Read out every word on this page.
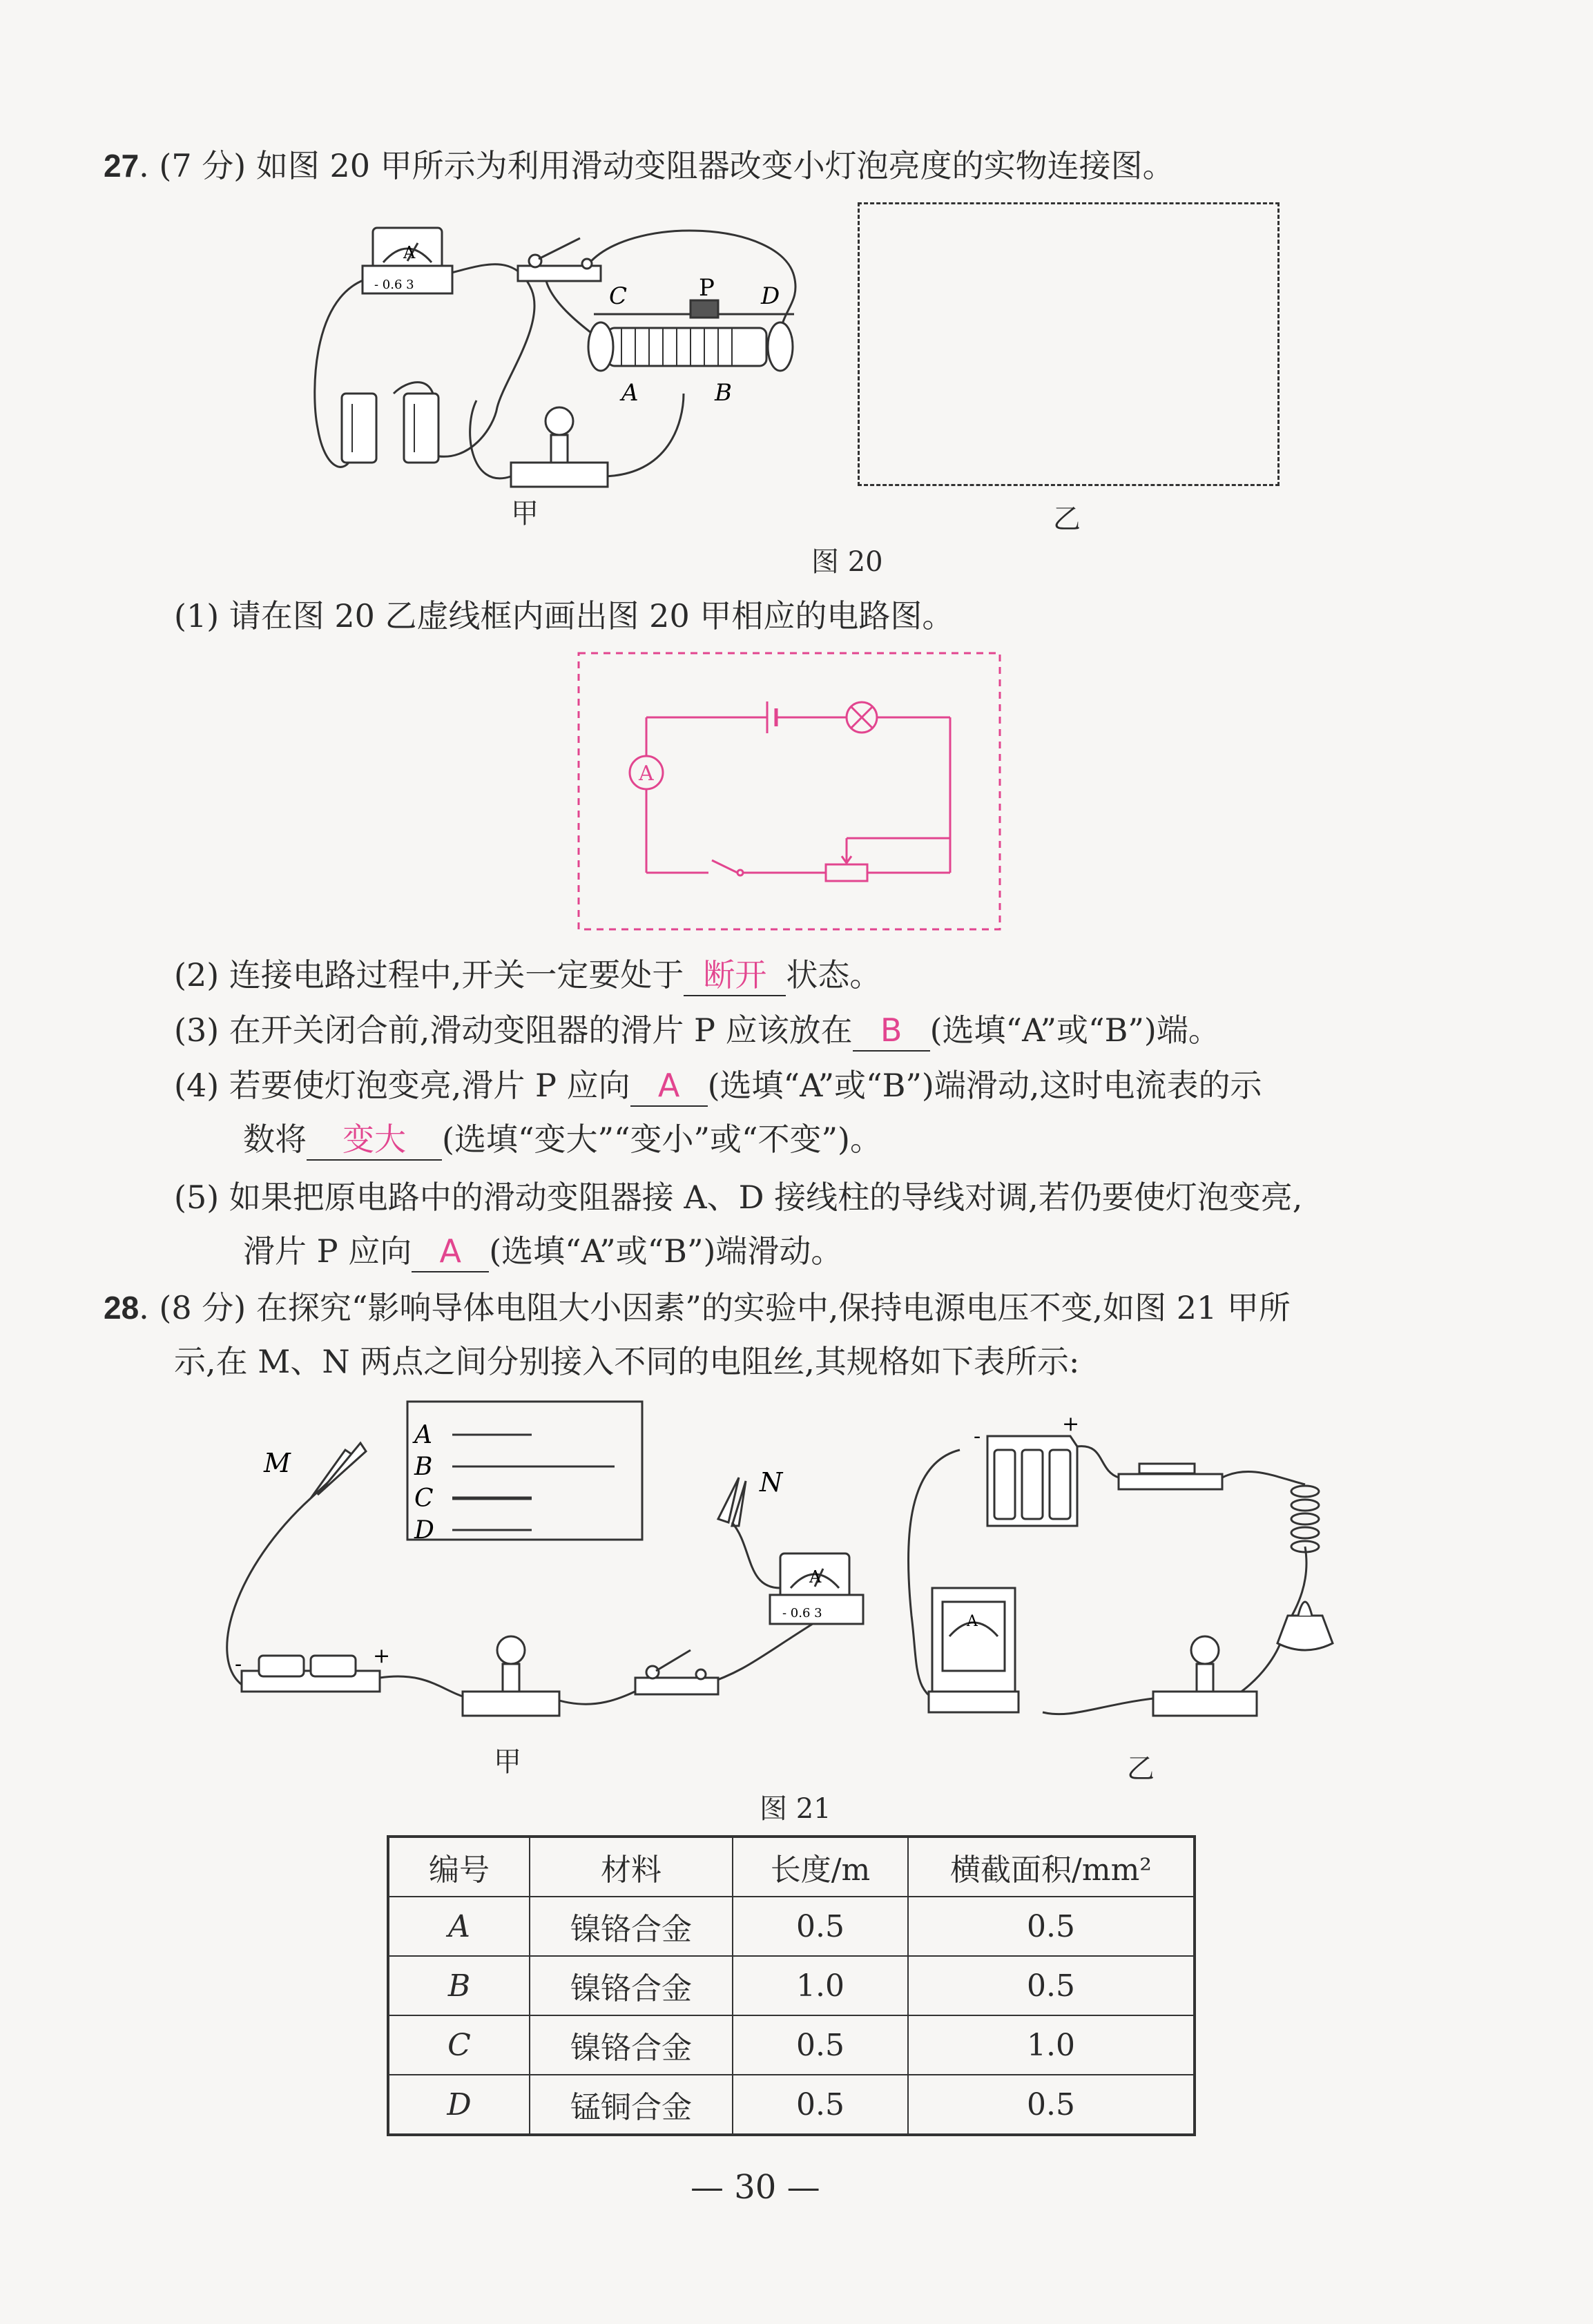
27. (7 分) 如图 20 甲所示为利用滑动变阻器改变小灯泡亮度的实物连接图。
A
- 0.6 3	C	P D
A	B
甲	乙
图 20
(1) 请在图 20 乙虚线框内画出图 20 甲相应的电路图。
A
(2) 连接电路过程中,开关一定要处于 断开 状态。
(3) 在开关闭合前,滑动变阻器的滑片 P 应该放在 B (选填“A”或“B”)端。
(4) 若要使灯泡变亮,滑片 P 应向 A (选填“A”或“B”)端滑动,这时电流表的示
数将 变大 (选填“变大”“变小”或“不变”)。
(5) 如果把原电路中的滑动变阻器接 A、D 接线柱的导线对调,若仍要使灯泡变亮,
滑片 P 应向 A (选填“A”或“B”)端滑动。
28. (8 分) 在探究“影响导体电阻大小因素”的实验中,保持电源电压不变,如图 21 甲所
示,在 M、N 两点之间分别接入不同的电阻丝,其规格如下表所示:
A
B
C
D
M
N
-	+
A
- 0.6 3
-
+
A
甲	乙
图 21
编号	材料	长度/m	横截面积/mm²
A	镍铬合金	0.5	0.5
B	镍铬合金	1.0	0.5
C	镍铬合金	0.5	1.0
D	锰铜合金	0.5	0.5
— 30 —
